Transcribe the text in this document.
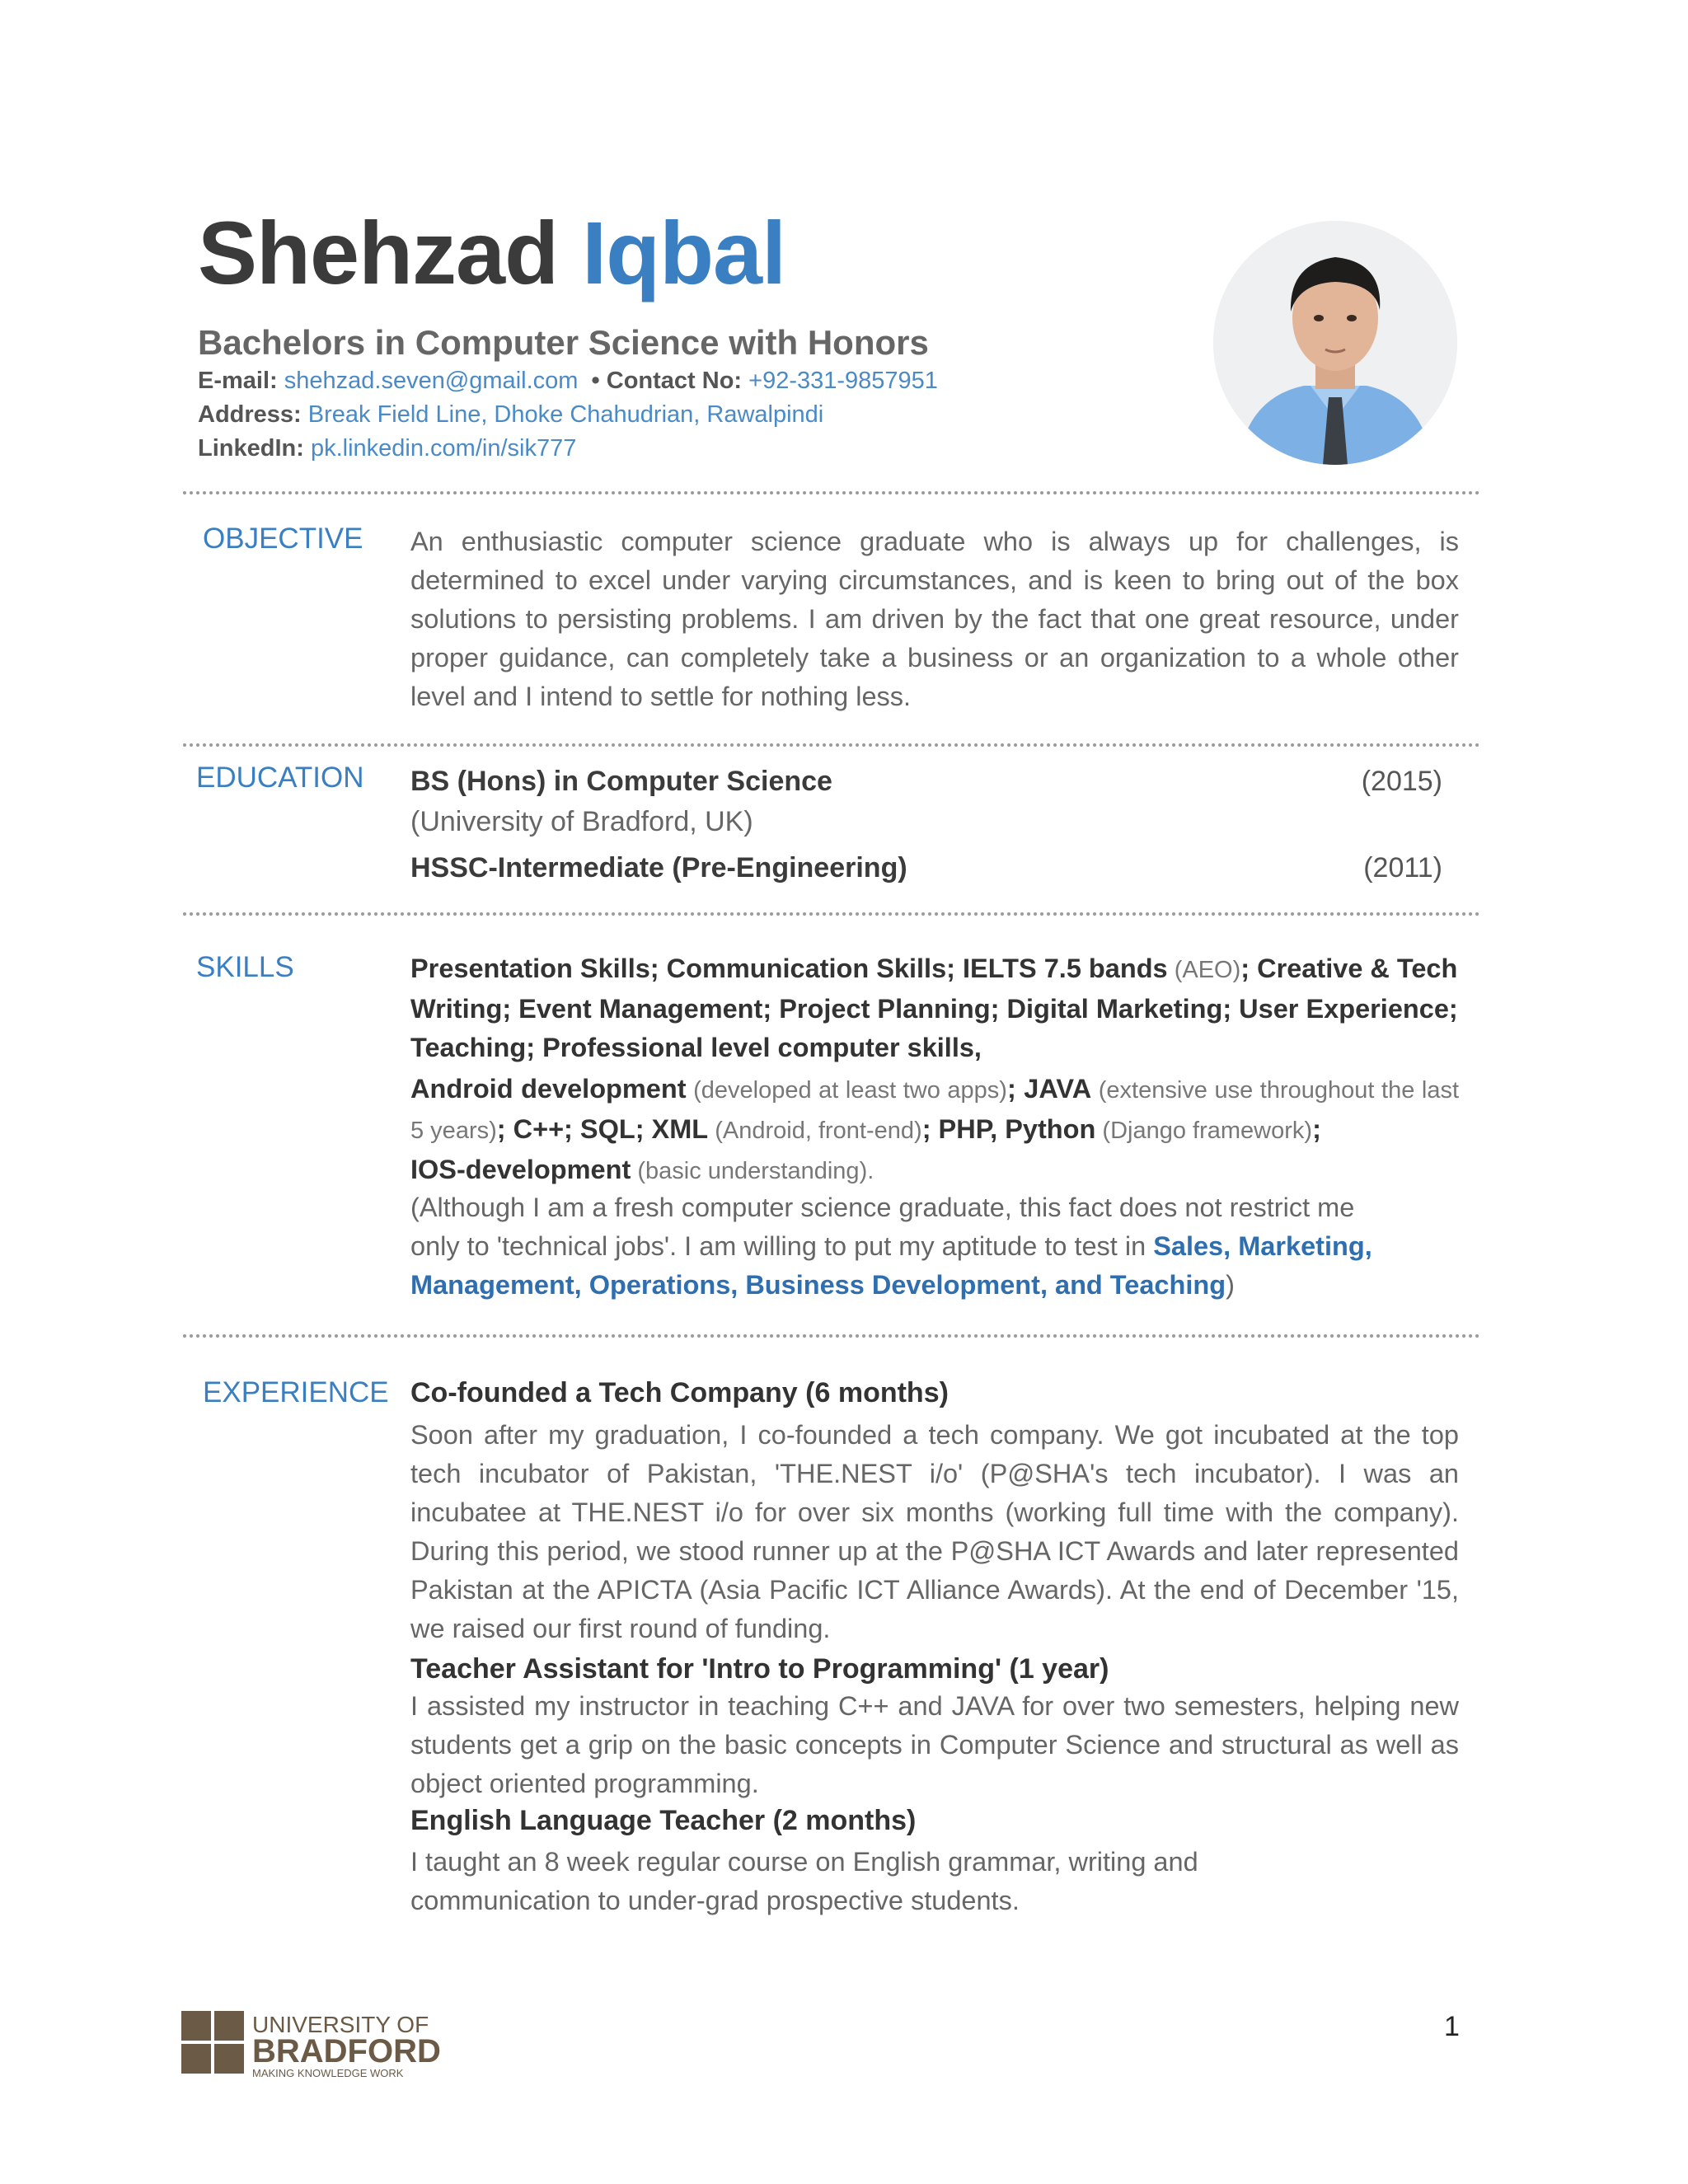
Shehzad Iqbal
Bachelors in Computer Science with Honors
E-mail: shehzad.seven@gmail.com • Contact No: +92-331-9857951
Address: Break Field Line, Dhoke Chahudrian, Rawalpindi
LinkedIn: pk.linkedin.com/in/sik777
OBJECTIVE An enthusiastic computer science graduate who is always up for challenges, is determined to excel under varying circumstances, and is keen to bring out of the box solutions to persisting problems. I am driven by the fact that one great resource, under proper guidance, can completely take a business or an organization to a whole other level and I intend to settle for nothing less.
EDUCATION BS (Hons) in Computer Science	(2015)
(University of Bradford, UK)
HSSC-Intermediate (Pre-Engineering)	(2011)
SKILLS	Presentation Skills; Communication Skills; IELTS 7.5 bands (AEO); Creative & Tech Writing; Event Management; Project Planning; Digital Marketing; User Experience; Teaching; Professional level computer skills,
Android development (developed at least two apps); JAVA (extensive use throughout the last 5 years); C++; SQL; XML (Android, front-end); PHP, Python (Django framework);
IOS-development (basic understanding).
(Although I am a fresh computer science graduate, this fact does not restrict me only to 'technical jobs'. I am willing to put my aptitude to test in Sales, Marketing, Management, Operations, Business Development, and Teaching)
EXPERIENCE Co-founded a Tech Company (6 months)
Soon after my graduation, I co-founded a tech company. We got incubated at the top tech incubator of Pakistan, 'THE.NEST i/o' (P@SHA's tech incubator). I was an incubatee at THE.NEST i/o for over six months (working full time with the company). During this period, we stood runner up at the P@SHA ICT Awards and later represented Pakistan at the APICTA (Asia Pacific ICT Alliance Awards). At the end of December '15, we raised our first round of funding.
Teacher Assistant for 'Intro to Programming' (1 year)
I assisted my instructor in teaching C++ and JAVA for over two semesters, helping new students get a grip on the basic concepts in Computer Science and structural as well as object oriented programming.
English Language Teacher (2 months)
I taught an 8 week regular course on English grammar, writing and communication to under-grad prospective students.
UNIVERSITY OF
BRADFORD
MAKING KNOWLEDGE WORK
1
